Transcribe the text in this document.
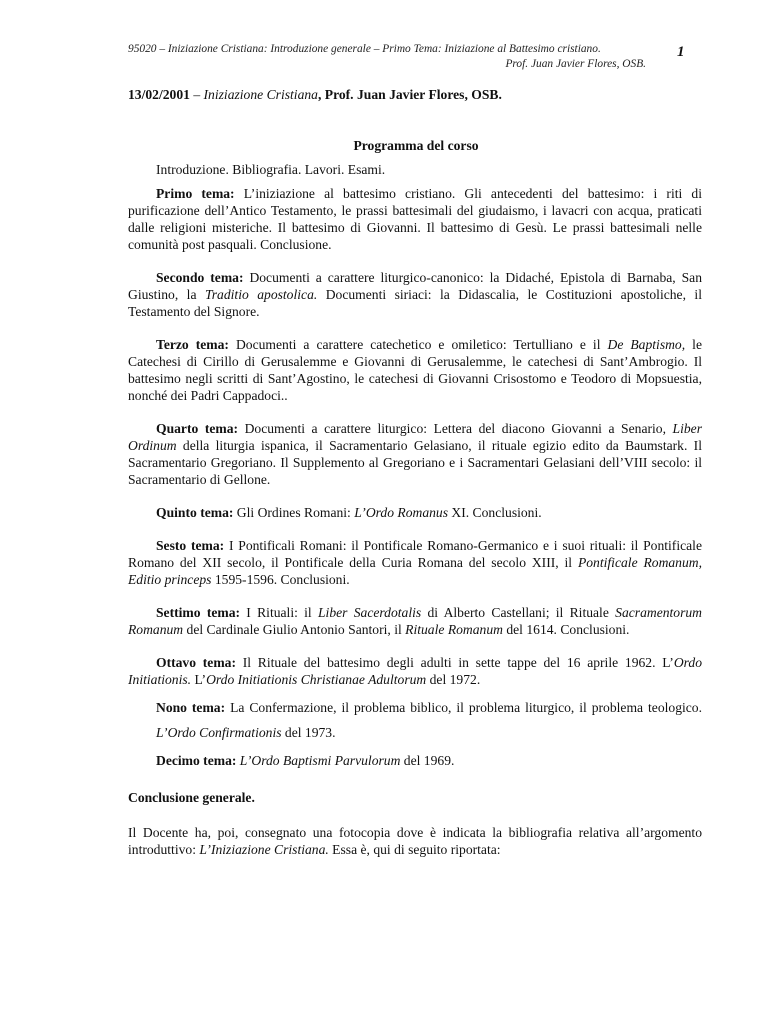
95020 – Iniziazione Cristiana: Introduzione generale – Primo Tema: Iniziazione al Battesimo cristiano.
Prof. Juan Javier Flores, OSB.
1

13/02/2001 – Iniziazione Cristiana, Prof. Juan Javier Flores, OSB.

Programma del corso

Introduzione. Bibliografia. Lavori. Esami.

Primo tema: L’iniziazione al battesimo cristiano. Gli antecedenti del battesimo: i riti di purificazione dell’Antico Testamento, le prassi battesimali del giudaismo, i lavacri con acqua, praticati dalle religioni misteriche. Il battesimo di Giovanni. Il battesimo di Gesù. Le prassi battesimali nelle comunità post pasquali. Conclusione.

Secondo tema: Documenti a carattere liturgico-canonico: la Didaché, Epistola di Barnaba, San Giustino, la Traditio apostolica. Documenti siriaci: la Didascalia, le Costituzioni apostoliche, il Testamento del Signore.

Terzo tema: Documenti a carattere catechetico e omiletico: Tertulliano e il De Baptismo, le Catechesi di Cirillo di Gerusalemme e Giovanni di Gerusalemme, le catechesi di Sant’Ambrogio. Il battesimo negli scritti di Sant’Agostino, le catechesi di Giovanni Crisostomo e Teodoro di Mopsuestia, nonché dei Padri Cappadoci..

Quarto tema: Documenti a carattere liturgico: Lettera del diacono Giovanni a Senario, Liber Ordinum della liturgia ispanica, il Sacramentario Gelasiano, il rituale egizio edito da Baumstark. Il Sacramentario Gregoriano. Il Supplemento al Gregoriano e i Sacramentari Gelasiani dell’VIII secolo: il Sacramentario di Gellone.

Quinto tema: Gli Ordines Romani: L’Ordo Romanus XI. Conclusioni.

Sesto tema: I Pontificali Romani: il Pontificale Romano-Germanico e i suoi rituali: il Pontificale Romano del XII secolo, il Pontificale della Curia Romana del secolo XIII, il Pontificale Romanum, Editio princeps 1595-1596. Conclusioni.

Settimo tema: I Rituali: il Liber Sacerdotalis di Alberto Castellani; il Rituale Sacramentorum Romanum del Cardinale Giulio Antonio Santori, il Rituale Romanum del 1614. Conclusioni.

Ottavo tema: Il Rituale del battesimo degli adulti in sette tappe del 16 aprile 1962. L’Ordo Initiationis. L’Ordo Initiationis Christianae Adultorum del 1972.

Nono tema: La Confermazione, il problema biblico, il problema liturgico, il problema teologico. L’Ordo Confirmationis del 1973.

Decimo tema: L’Ordo Baptismi Parvulorum del 1969.

Conclusione generale.

Il Docente ha, poi, consegnato una fotocopia dove è indicata la bibliografia relativa all’argomento introduttivo: L’Iniziazione Cristiana. Essa è, qui di seguito riportata:
